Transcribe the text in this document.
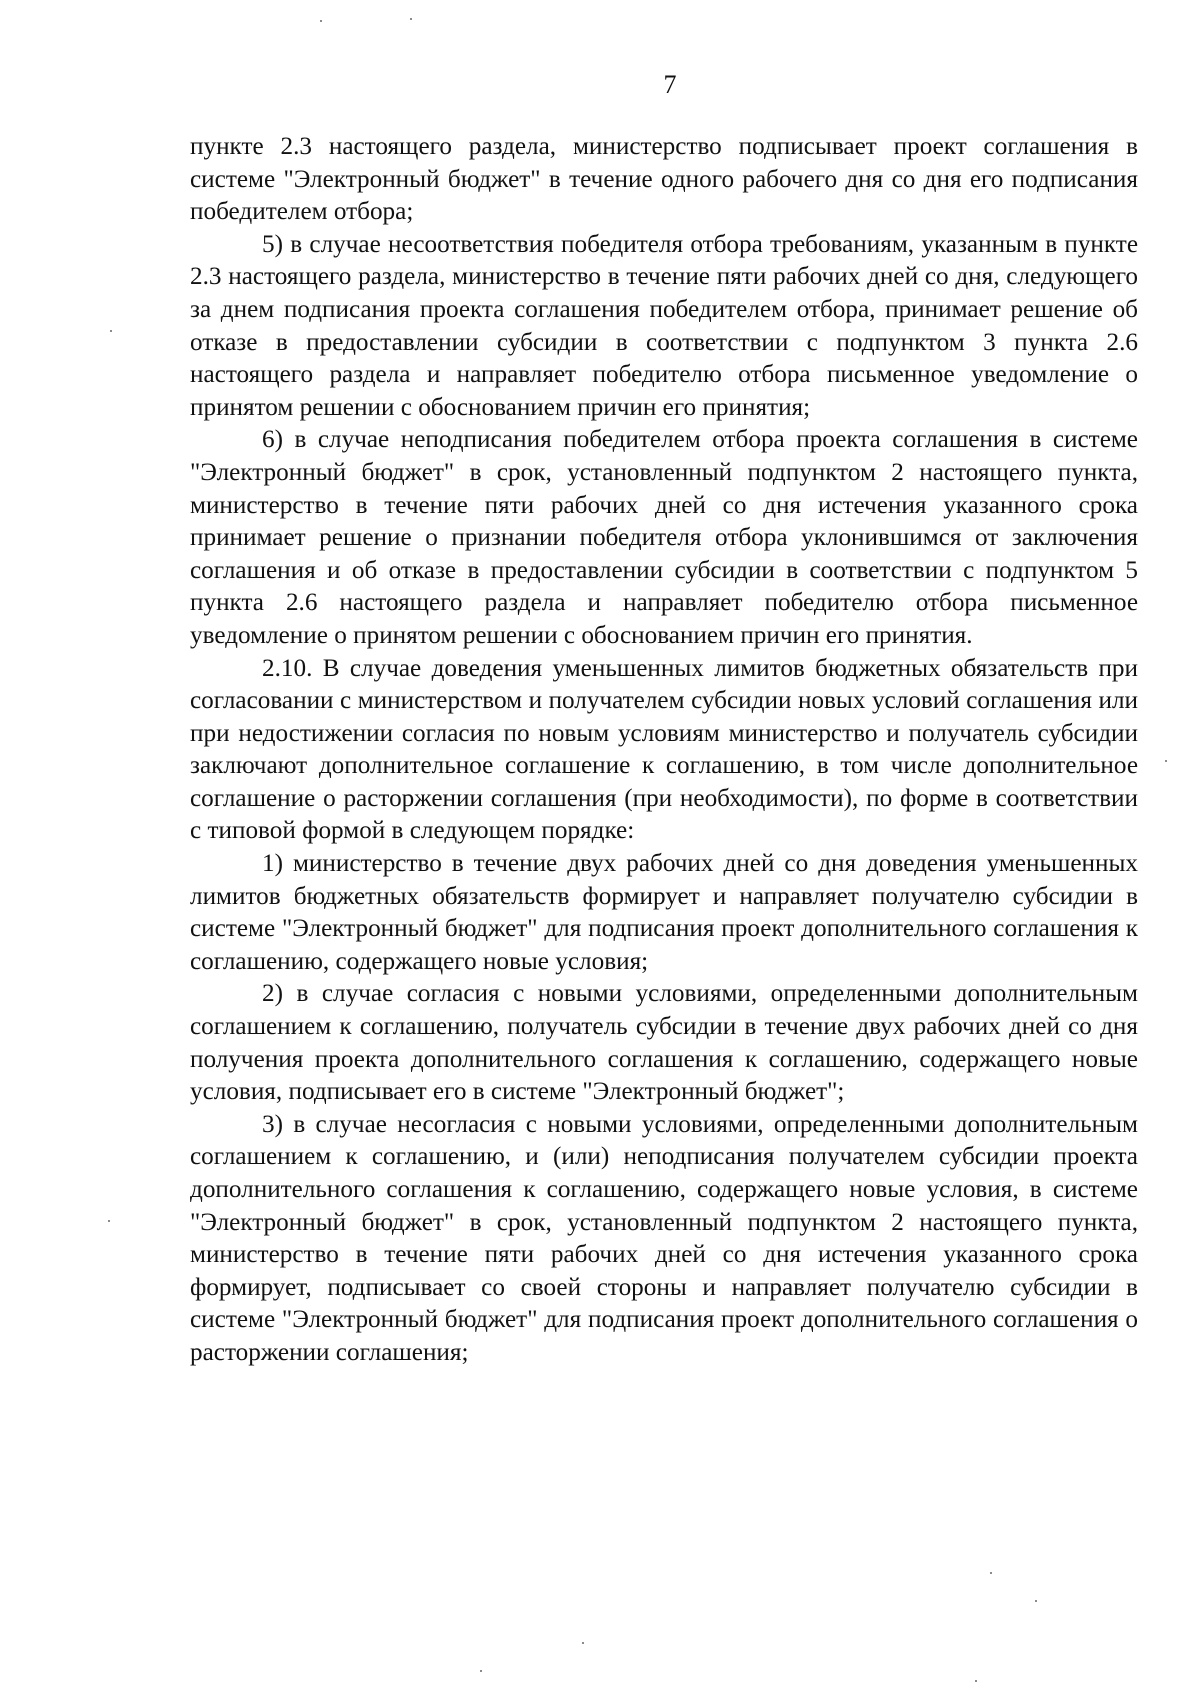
7

пункте 2.3 настоящего раздела, министерство подписывает проект соглашения в системе "Электронный бюджет" в течение одного рабочего дня со дня его подписания победителем отбора;

5) в случае несоответствия победителя отбора требованиям, указанным в пункте 2.3 настоящего раздела, министерство в течение пяти рабочих дней со дня, следующего за днем подписания проекта соглашения победителем отбора, принимает решение об отказе в предоставлении субсидии в соответствии с подпунктом 3 пункта 2.6 настоящего раздела и направляет победителю отбора письменное уведомление о принятом решении с обоснованием причин его принятия;

6) в случае неподписания победителем отбора проекта соглашения в системе "Электронный бюджет" в срок, установленный подпунктом 2 настоящего пункта, министерство в течение пяти рабочих дней со дня истечения указанного срока принимает решение о признании победителя отбора уклонившимся от заключения соглашения и об отказе в предоставлении субсидии в соответствии с подпунктом 5 пункта 2.6 настоящего раздела и направляет победителю отбора письменное уведомление о принятом решении с обоснованием причин его принятия.

2.10. В случае доведения уменьшенных лимитов бюджетных обязательств при согласовании с министерством и получателем субсидии новых условий соглашения или при недостижении согласия по новым условиям министерство и получатель субсидии заключают дополнительное соглашение к соглашению, в том числе дополнительное соглашение о расторжении соглашения (при необходимости), по форме в соответствии с типовой формой в следующем порядке:

1) министерство в течение двух рабочих дней со дня доведения уменьшенных лимитов бюджетных обязательств формирует и направляет получателю субсидии в системе "Электронный бюджет" для подписания проект дополнительного соглашения к соглашению, содержащего новые условия;

2) в случае согласия с новыми условиями, определенными дополнительным соглашением к соглашению, получатель субсидии в течение двух рабочих дней со дня получения проекта дополнительного соглашения к соглашению, содержащего новые условия, подписывает его в системе "Электронный бюджет";

3) в случае несогласия с новыми условиями, определенными дополнительным соглашением к соглашению, и (или) неподписания получателем субсидии проекта дополнительного соглашения к соглашению, содержащего новые условия, в системе "Электронный бюджет" в срок, установленный подпунктом 2 настоящего пункта, министерство в течение пяти рабочих дней со дня истечения указанного срока формирует, подписывает со своей стороны и направляет получателю субсидии в системе "Электронный бюджет" для подписания проект дополнительного соглашения о расторжении соглашения;
